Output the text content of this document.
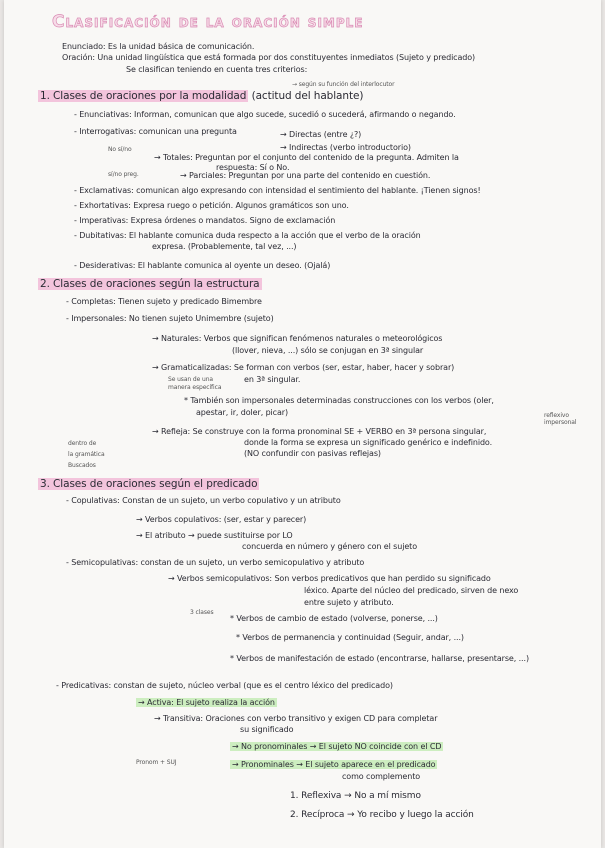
Clasificación de la oración simple
Enunciado: Es la unidad básica de comunicación.
Oración: Una unidad lingüística que está formada por dos constituyentes inmediatos (Sujeto y predicado)
Se clasifican teniendo en cuenta tres criterios:
→ según su función del interlocutor
1. Clases de oraciones por la modalidad (actitud del hablante)
- Enunciativas: Informan, comunican que algo sucede, sucedió o sucederá, afirmando o negando.
- Interrogativas: comunican una pregunta	→ Directas (entre ¿?)
→ Indirectas (verbo introductorio)
No sí/no
→ Totales: Preguntan por el conjunto del contenido de la pregunta. Admiten la
respuesta: Sí o No.
sí/no preg.	→ Parciales: Preguntan por una parte del contenido en cuestión.
- Exclamativas: comunican algo expresando con intensidad el sentimiento del hablante. ¡Tienen signos!
- Exhortativas: Expresa ruego o petición. Algunos gramáticos son uno.
- Imperativas: Expresa órdenes o mandatos. Signo de exclamación
- Dubitativas: El hablante comunica duda respecto a la acción que el verbo de la oración
expresa. (Probablemente, tal vez, ...)
- Desiderativas: El hablante comunica al oyente un deseo. (Ojalá)
2. Clases de oraciones según la estructura
- Completas: Tienen sujeto y predicado Bimembre
- Impersonales: No tienen sujeto Unimembre (sujeto)
→ Naturales: Verbos que significan fenómenos naturales o meteorológicos
(llover, nieva, ...) sólo se conjugan en 3ª singular
→ Gramaticalizadas: Se forman con verbos (ser, estar, haber, hacer y sobrar)
Se usan de una
manera específica
en 3ª singular.
* También son impersonales determinadas construcciones con los verbos (oler,
apestar, ir, doler, picar)	reflexivo
impersonal
→ Refleja: Se construye con la forma pronominal SE + VERBO en 3ª persona singular,
dentro de	donde la forma se expresa un significado genérico e indefinido.
la gramática	(NO confundir con pasivas reflejas)
Buscados
3. Clases de oraciones según el predicado
- Copulativas: Constan de un sujeto, un verbo copulativo y un atributo
→ Verbos copulativos: (ser, estar y parecer)
→ El atributo → puede sustituirse por LO
concuerda en número y género con el sujeto
- Semicopulativas: constan de un sujeto, un verbo semicopulativo y atributo
→ Verbos semicopulativos: Son verbos predicativos que han perdido su significado
léxico. Aparte del núcleo del predicado, sirven de nexo
entre sujeto y atributo.
3 clases
* Verbos de cambio de estado (volverse, ponerse, ...)
* Verbos de permanencia y continuidad (Seguir, andar, ...)
* Verbos de manifestación de estado (encontrarse, hallarse, presentarse, ...)
- Predicativas: constan de sujeto, núcleo verbal (que es el centro léxico del predicado)
→ Activa: El sujeto realiza la acción
→ Transitiva: Oraciones con verbo transitivo y exigen CD para completar
su significado
→ No pronominales → El sujeto NO coincide con el CD
Pronom + SUJ	→ Pronominales → El sujeto aparece en el predicado
como complemento
1. Reflexiva → No a mí mismo
2. Recíproca → Yo recibo y luego la acción
